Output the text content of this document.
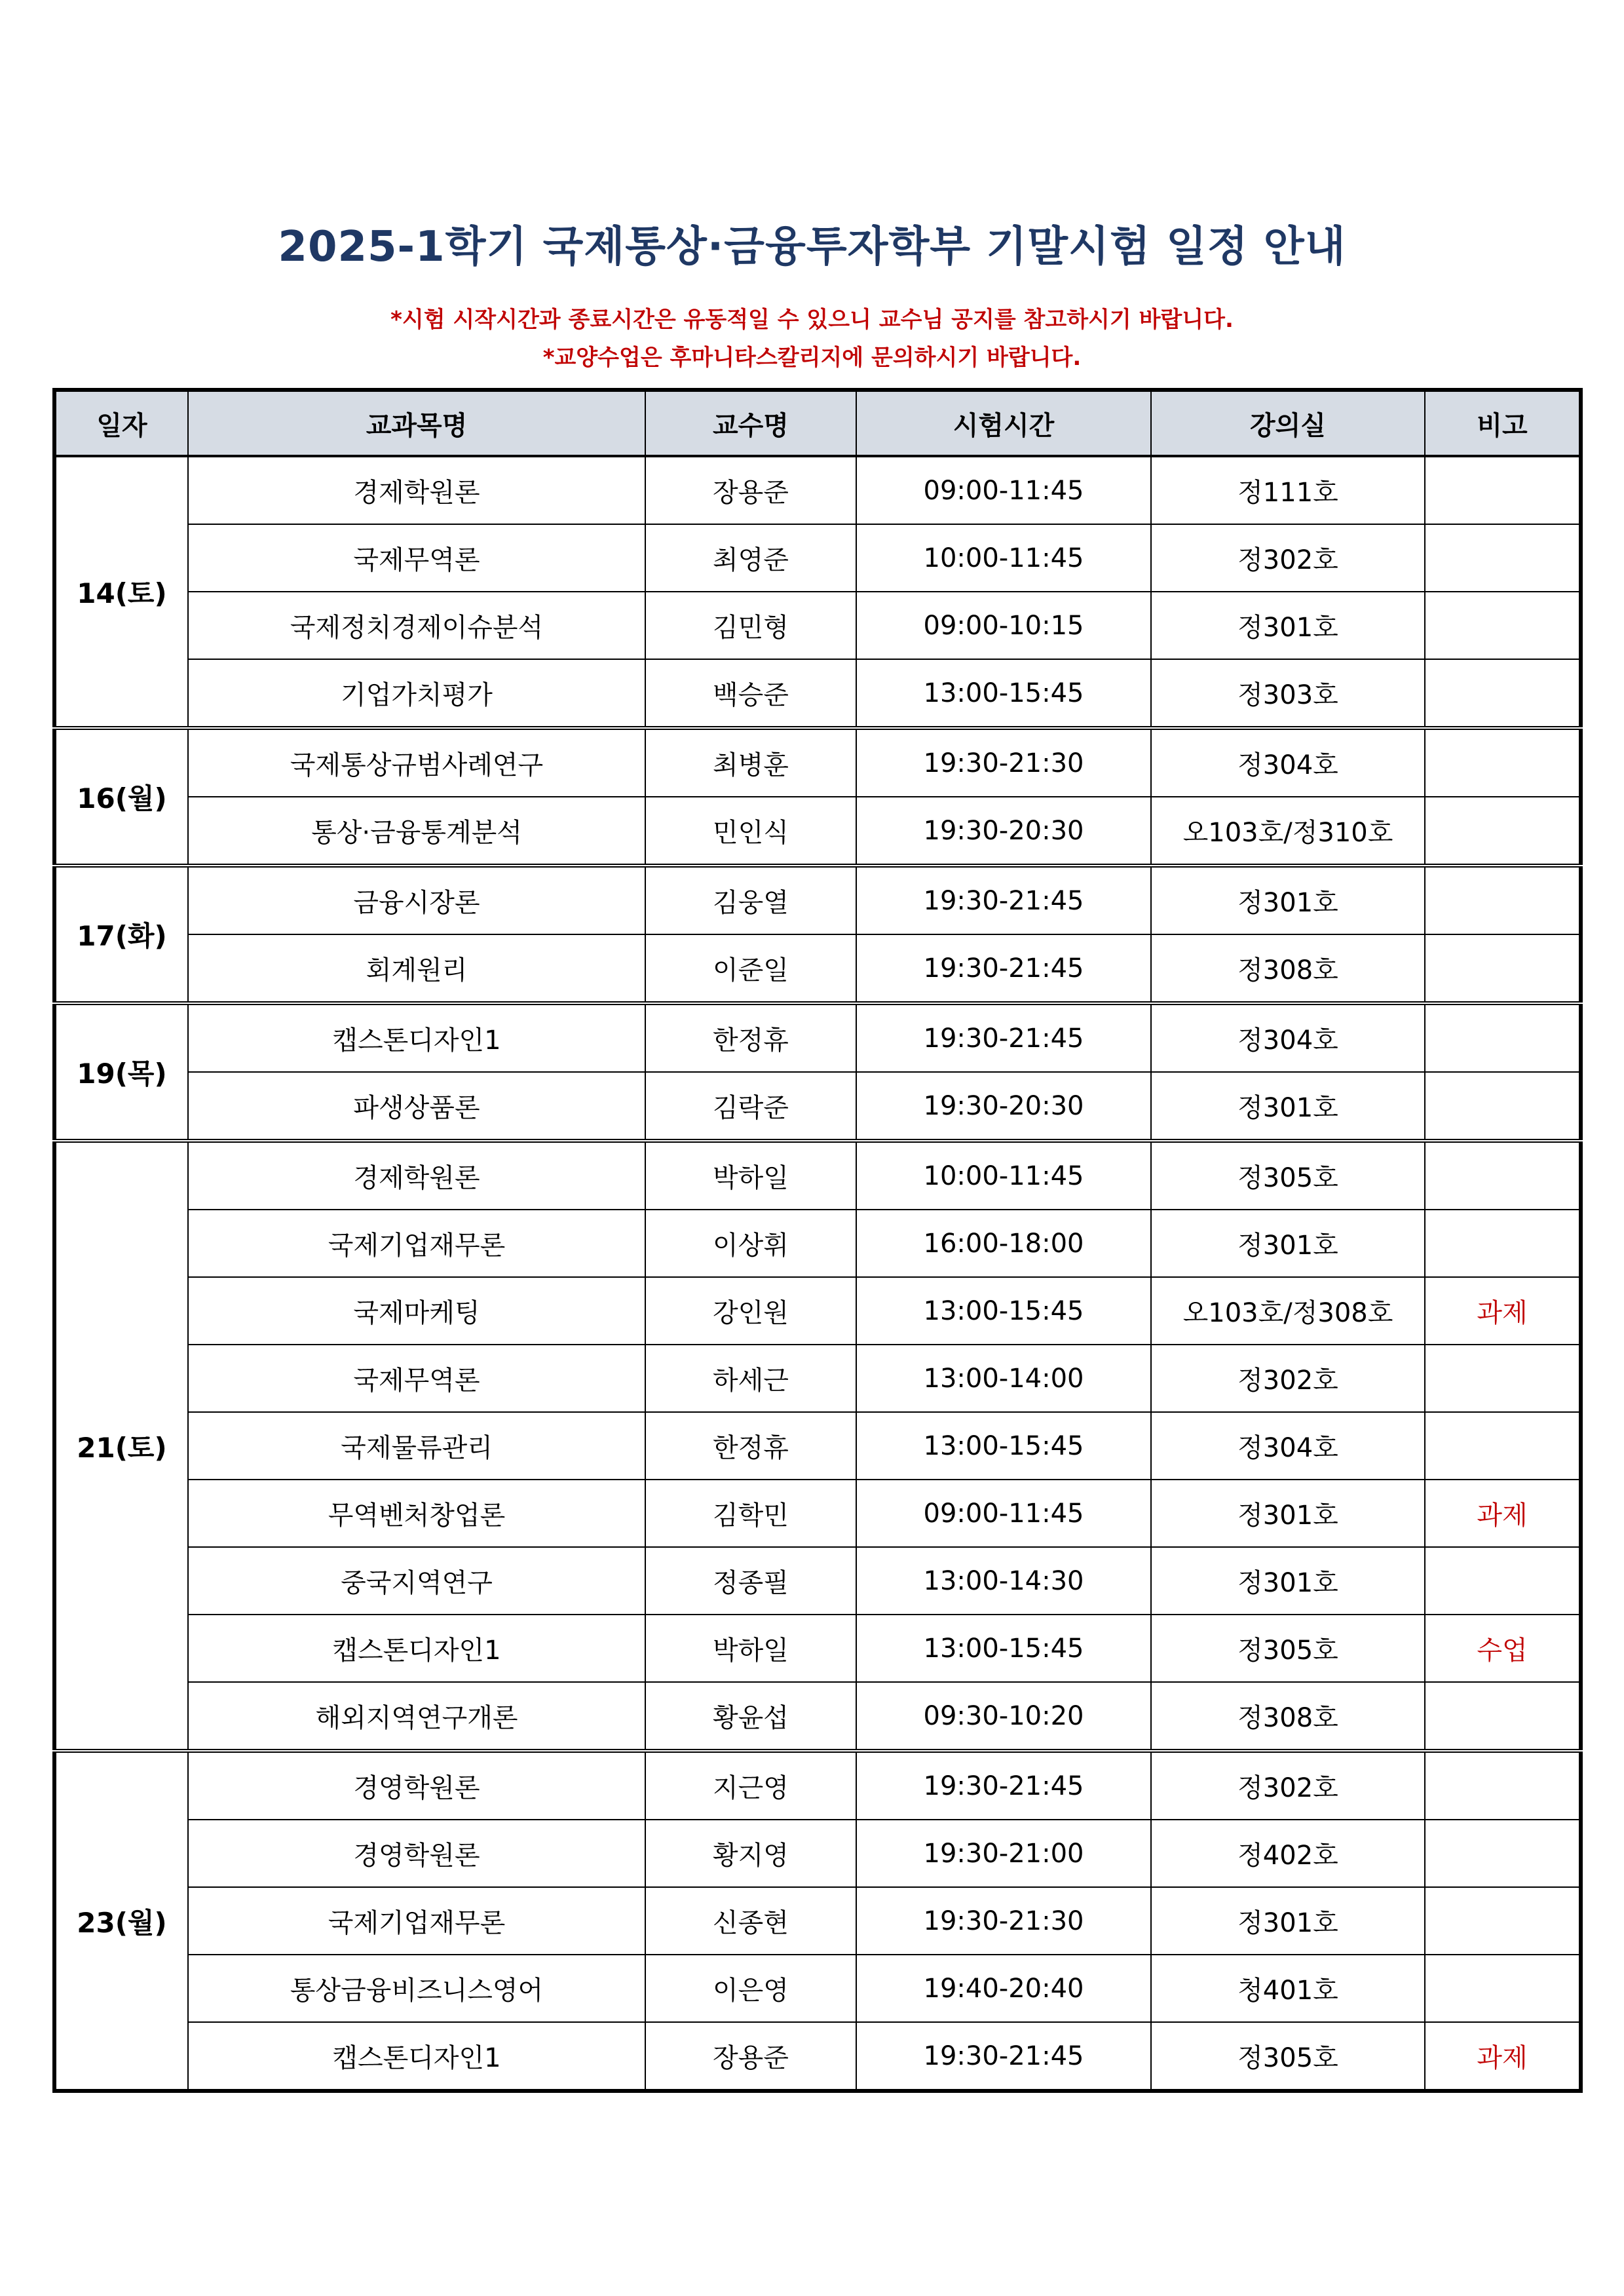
2025-1학기 국제통상·금융투자학부 기말시험 일정 안내
*시험 시작시간과 종료시간은 유동적일 수 있으니 교수님 공지를 참고하시기 바랍니다.
*교양수업은 후마니타스칼리지에 문의하시기 바랍니다.
일자	교과목명	교수명	시험시간	강의실	비고
14(토)	경제학원론	장용준	09:00-11:45	정111호	
	국제무역론	최영준	10:00-11:45	정302호	
	국제정치경제이슈분석	김민형	09:00-10:15	정301호	
	기업가치평가	백승준	13:00-15:45	정303호	
16(월)	국제통상규범사례연구	최병훈	19:30-21:30	정304호	
	통상·금융통계분석	민인식	19:30-20:30	오103호/정310호	
17(화)	금융시장론	김웅열	19:30-21:45	정301호	
	회계원리	이준일	19:30-21:45	정308호	
19(목)	캡스톤디자인1	한정휴	19:30-21:45	정304호	
	파생상품론	김락준	19:30-20:30	정301호	
21(토)	경제학원론	박하일	10:00-11:45	정305호	
	국제기업재무론	이상휘	16:00-18:00	정301호	
	국제마케팅	강인원	13:00-15:45	오103호/정308호	과제
	국제무역론	하세근	13:00-14:00	정302호	
	국제물류관리	한정휴	13:00-15:45	정304호	
	무역벤처창업론	김학민	09:00-11:45	정301호	과제
	중국지역연구	정종필	13:00-14:30	정301호	
	캡스톤디자인1	박하일	13:00-15:45	정305호	수업
	해외지역연구개론	황윤섭	09:30-10:20	정308호	
23(월)	경영학원론	지근영	19:30-21:45	정302호	
	경영학원론	황지영	19:30-21:00	정402호	
	국제기업재무론	신종현	19:30-21:30	정301호	
	통상금융비즈니스영어	이은영	19:40-20:40	청401호	
	캡스톤디자인1	장용준	19:30-21:45	정305호	과제
